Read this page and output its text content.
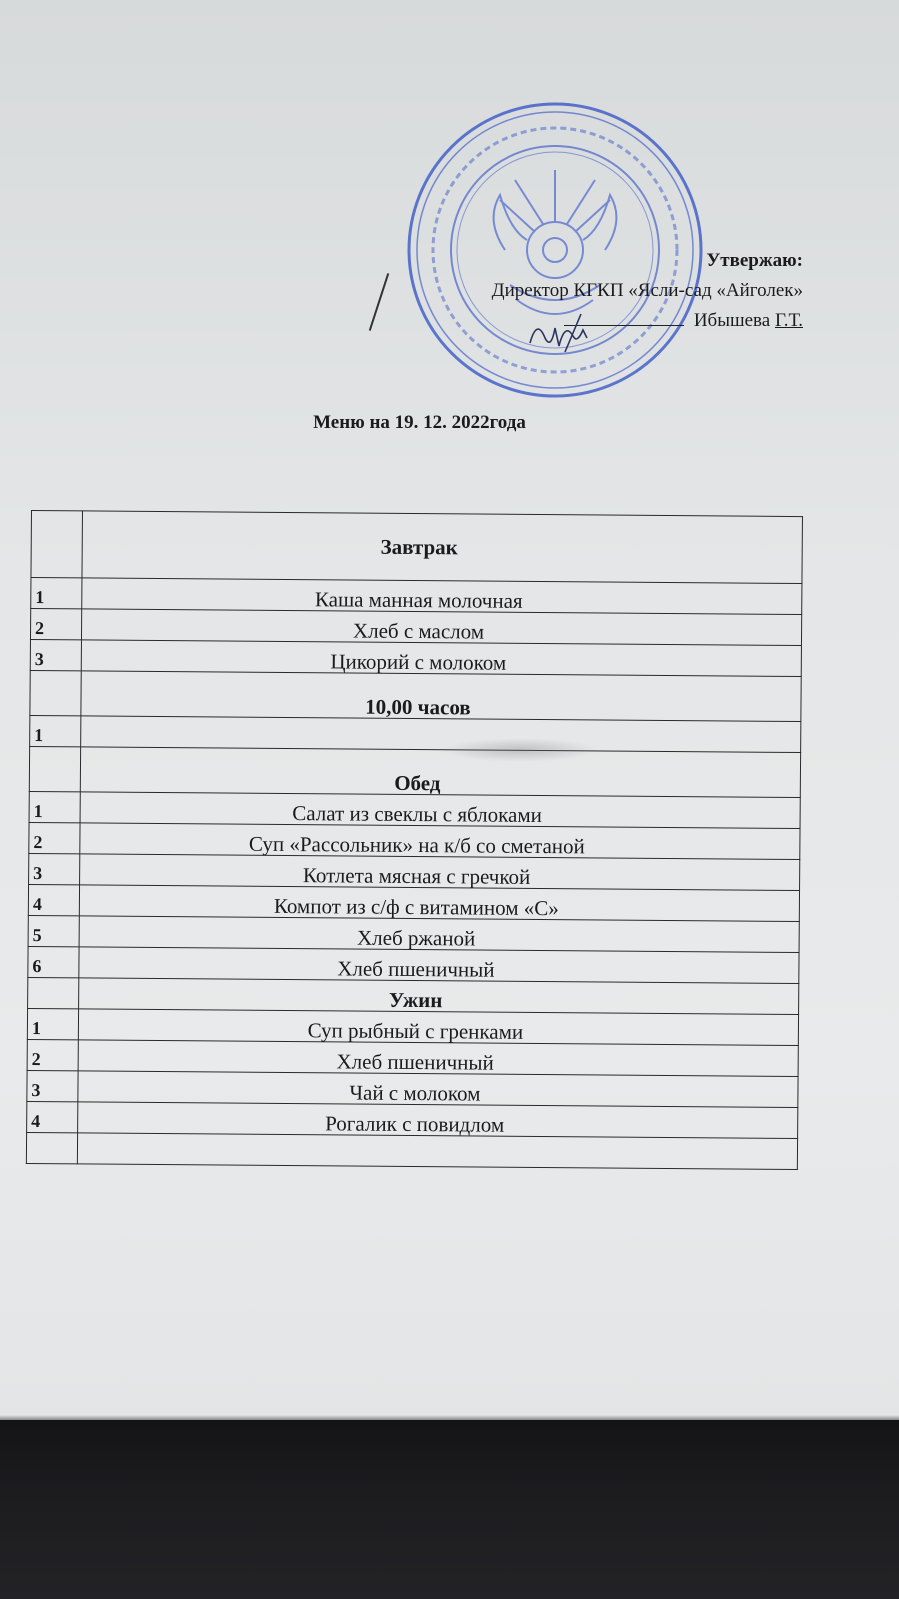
Утвержаю:
Директор КГКП «Ясли-сад «Айголек»
Ибышева Г.Т.
Меню на 19. 12. 2022года
	Завтрак
1	Каша манная молочная
2	Хлеб с маслом
3	Цикорий с молоком
	10,00 часов
1	
	Обед
1	Салат из свеклы с яблоками
2	Суп «Рассольник» на к/б со сметаной
3	Котлета мясная с гречкой
4	Компот из с/ф с витамином «С»
5	Хлеб ржаной
6	Хлеб пшеничный
	Ужин
1	Суп рыбный с гренками
2	Хлеб пшеничный
3	Чай с молоком
4	Рогалик с повидлом
